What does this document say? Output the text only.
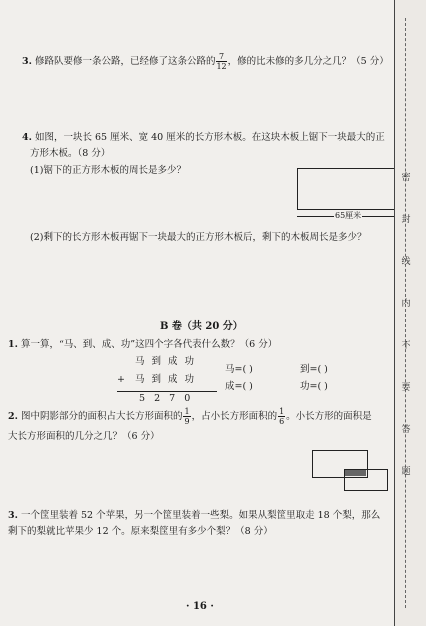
3. 修路队要修一条公路，已经修了这条公路的 $\frac{7}{12}$ ，修的比未修的多几分之几？（5 分）
4. 如图，一块长 65 厘米、宽 40 厘米的长方形木板。在这块木板上锯下一块最大的正
方形木板。（8 分）
(1)锯下的正方形木板的周长是多少？
65厘米
(2)剩下的长方形木板再锯下一块最大的正方形木板后，剩下的木板周长是多少？
B 卷（共 20 分）
1. 算一算，“马、到、成、功”这四个字各代表什么数？（6 分）
马 到 成 功
+ 马 到 成 功
5 2 7 0
马=( )	到=( )
成=( )	功=( )
2. 图中阴影部分的面积占大长方形面积的 $\frac{1}{9}$ ，占小长方形面积的 $\frac{1}{6}$ 。小长方形的面积是
大长方形面积的几分之几？（6 分）
3. 一个筐里装着 52 个苹果，另一个筐里装着一些梨。如果从梨筐里取走 18 个梨，那么
剩下的梨就比苹果少 12 个。原来梨筐里有多少个梨？（8 分）
· 16 ·
密
封
线
内
不
要
答
题
